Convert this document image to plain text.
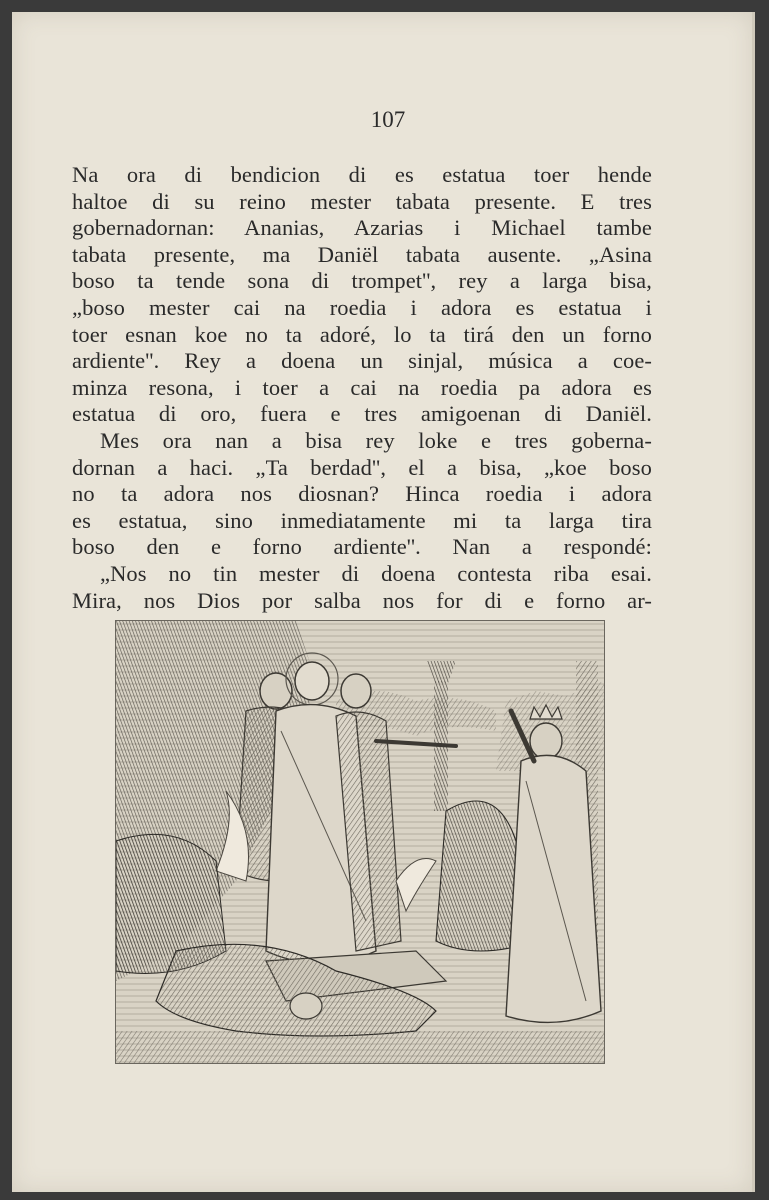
107
Na ora di bendicion di es estatua toer hende
haltoe di su reino mester tabata presente. E tres
gobernadornan: Ananias, Azarias i Michael tambe
tabata presente, ma Daniël tabata ausente. „Asina
boso ta tende sona di trompet'', rey a larga bisa,
„boso mester cai na roedia i adora es estatua i
toer esnan koe no ta adoré, lo ta tirá den un forno
ardiente''. Rey a doena un sinjal, música a coe-
minza resona, i toer a cai na roedia pa adora es
estatua di oro, fuera e tres amigoenan di Daniël.
Mes ora nan a bisa rey loke e tres goberna-
dornan a haci. „Ta berdad'', el a bisa, „koe boso
no ta adora nos diosnan? Hinca roedia i adora
es estatua, sino inmediatamente mi ta larga tira
boso den e forno ardiente''. Nan a respondé:
„Nos no tin mester di doena contesta riba esai.
Mira, nos Dios por salba nos for di e forno ar-
